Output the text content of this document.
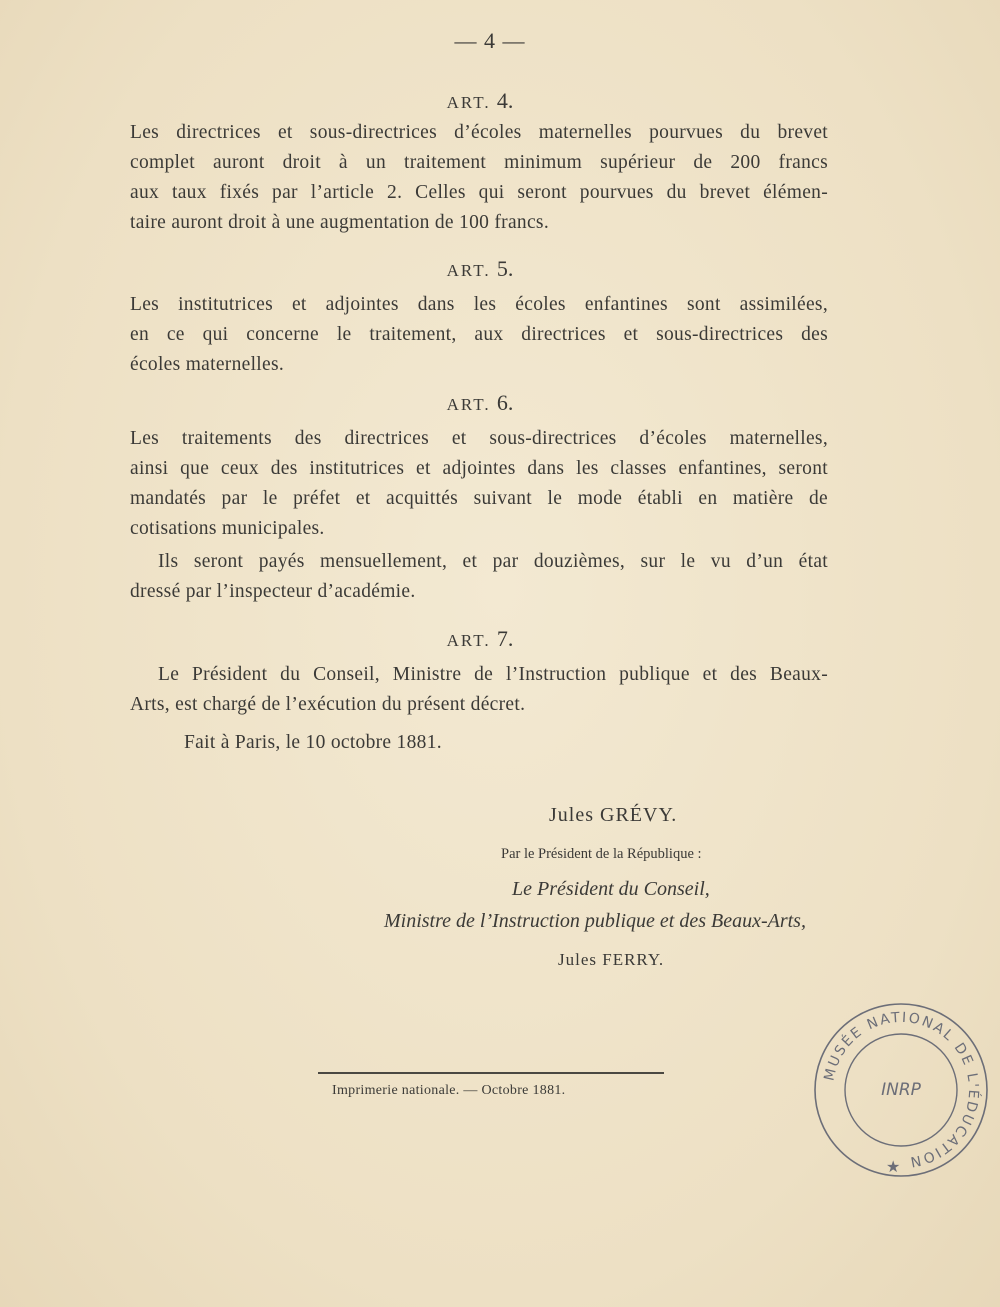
— 4 —
ART. 4.
Les directrices et sous-directrices d’écoles maternelles pourvues du brevet
complet auront droit à un traitement minimum supérieur de 200 francs
aux taux fixés par l’article 2. Celles qui seront pourvues du brevet élémen-
taire auront droit à une augmentation de 100 francs.
ART. 5.
Les institutrices et adjointes dans les écoles enfantines sont assimilées,
en ce qui concerne le traitement, aux directrices et sous-directrices des
écoles maternelles.
ART. 6.
Les traitements des directrices et sous-directrices d’écoles maternelles,
ainsi que ceux des institutrices et adjointes dans les classes enfantines, seront
mandatés par le préfet et acquittés suivant le mode établi en matière de
cotisations municipales.
Ils seront payés mensuellement, et par douzièmes, sur le vu d’un état
dressé par l’inspecteur d’académie.
ART. 7.
Le Président du Conseil, Ministre de l’Instruction publique et des Beaux-
Arts, est chargé de l’exécution du présent décret.
Fait à Paris, le 10 octobre 1881.
Jules GRÉVY.
Par le Président de la République :
Le Président du Conseil,
Ministre de l’Instruction publique et des Beaux-Arts,
Jules FERRY.
Imprimerie nationale. — Octobre 1881.
MUSÉE NATIONAL DE L'ÉDUCATION
INRP
★
